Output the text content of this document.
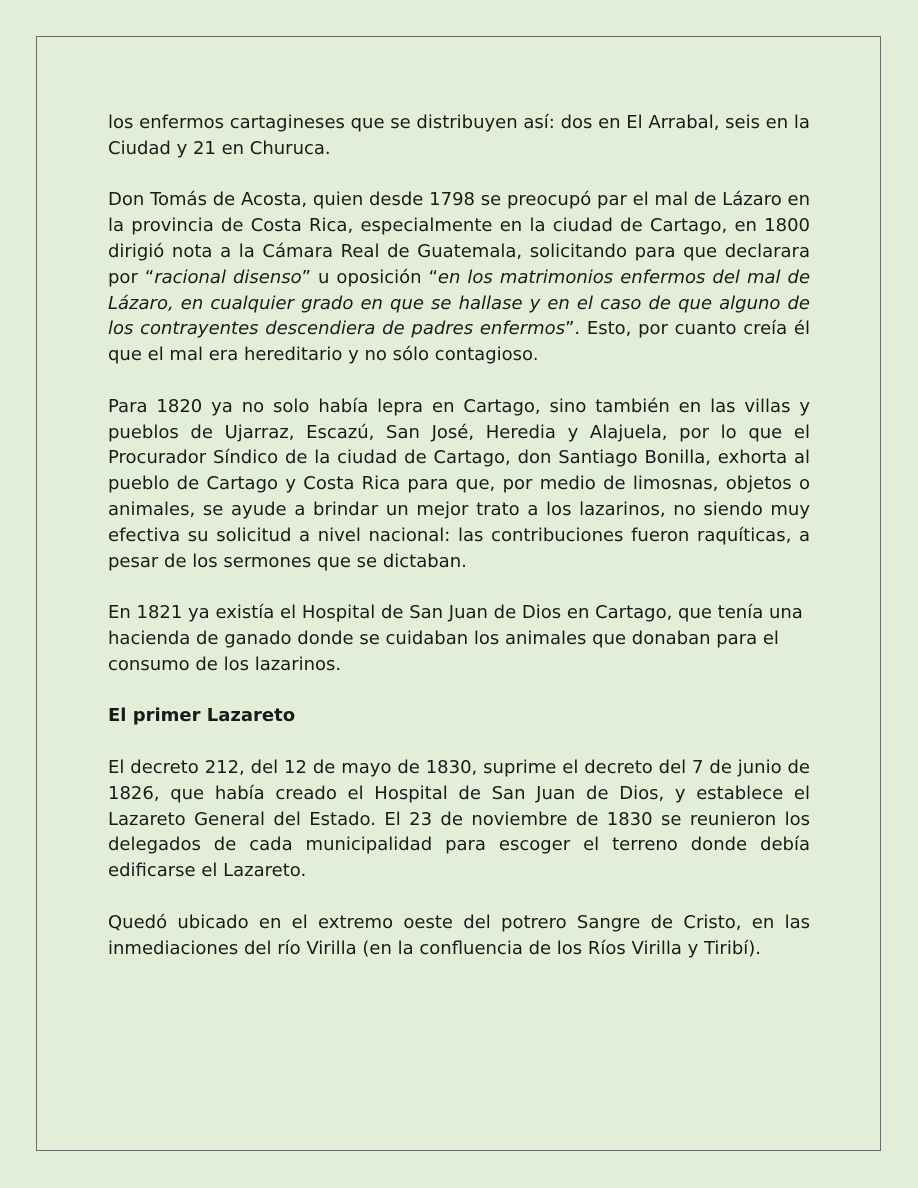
los enfermos cartagineses que se distribuyen así: dos en El Arrabal, seis en la Ciudad y 21 en Churuca.

Don Tomás de Acosta, quien desde 1798 se preocupó par el mal de Lázaro en la provincia de Costa Rica, especialmente en la ciudad de Cartago, en 1800 dirigió nota a la Cámara Real de Guatemala, solicitando para que declarara por “racional disenso” u oposición “en los matrimonios enfermos del mal de Lázaro, en cualquier grado en que se hallase y en el caso de que alguno de los contrayentes descendiera de padres enfermos”. Esto, por cuanto creía él que el mal era hereditario y no sólo contagioso.

Para 1820 ya no solo había lepra en Cartago, sino también en las villas y pueblos de Ujarraz, Escazú, San José, Heredia y Alajuela, por lo que el Procurador Síndico de la ciudad de Cartago, don Santiago Bonilla, exhorta al pueblo de Cartago y Costa Rica para que, por medio de limosnas, objetos o animales, se ayude a brindar un mejor trato a los lazarinos, no siendo muy efectiva su solicitud a nivel nacional: las contribuciones fueron raquíticas, a pesar de los sermones que se dictaban.

En 1821 ya existía el Hospital de San Juan de Dios en Cartago, que tenía una hacienda de ganado donde se cuidaban los animales que donaban para el consumo de los lazarinos.

El primer Lazareto

El decreto 212, del 12 de mayo de 1830, suprime el decreto del 7 de junio de 1826, que había creado el Hospital de San Juan de Dios, y establece el Lazareto General del Estado. El 23 de noviembre de 1830 se reunieron los delegados de cada municipalidad para escoger el terreno donde debía edificarse el Lazareto.

Quedó ubicado en el extremo oeste del potrero Sangre de Cristo, en las inmediaciones del río Virilla (en la confluencia de los Ríos Virilla y Tiribí).
